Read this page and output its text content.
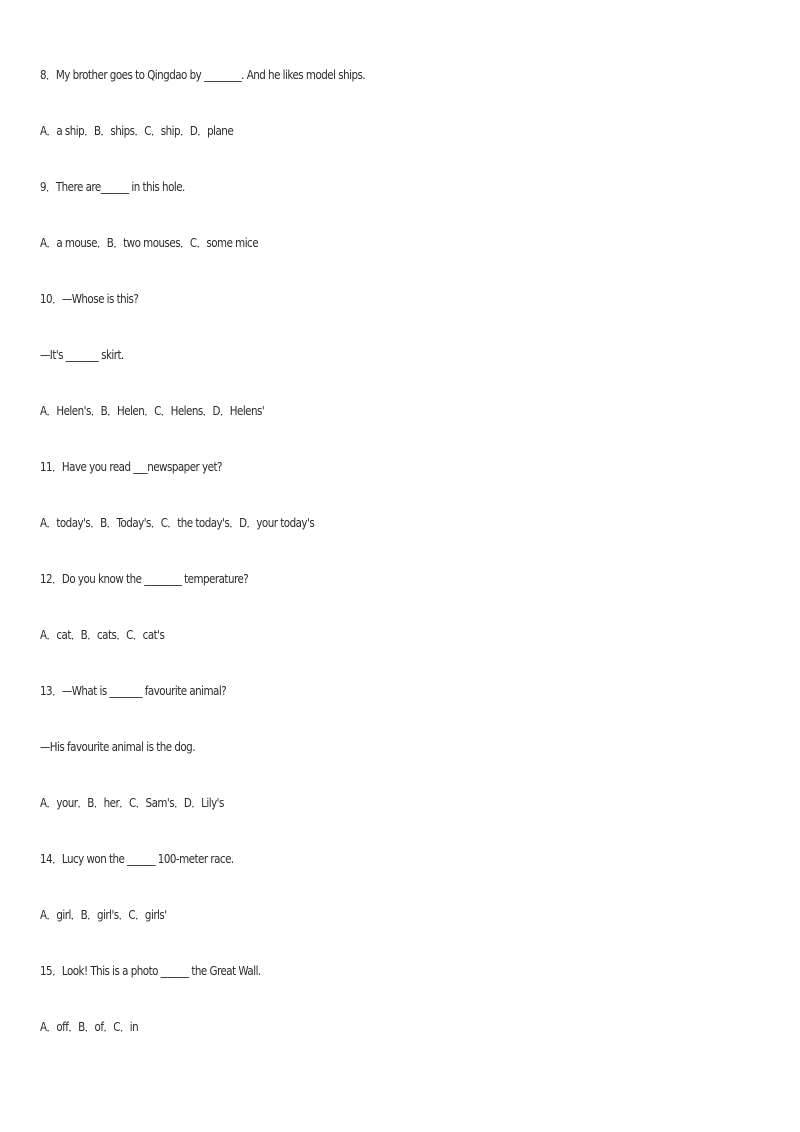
8．My brother goes to Qingdao by ________. And he likes model ships.
A．a ship．B．ships．C．ship．D．plane
9．There are______ in this hole.
A．a mouse．B．two mouses．C．some mice
10．—Whose is this?
—It's _______ skirt.
A．Helen's．B．Helen．C．Helens．D．Helens'
11．Have you read ___newspaper yet?
A．today's．B．Today's．C．the today's．D．your today's
12．Do you know the ________ temperature?
A．cat．B．cats．C．cat's
13．—What is _______ favourite animal?
—His favourite animal is the dog.
A．your．B．her．C．Sam's．D．Lily's
14．Lucy won the ______ 100-meter race.
A．girl．B．girl's．C．girls'
15．Look! This is a photo ______ the Great Wall.
A．off．B．of．C．in
